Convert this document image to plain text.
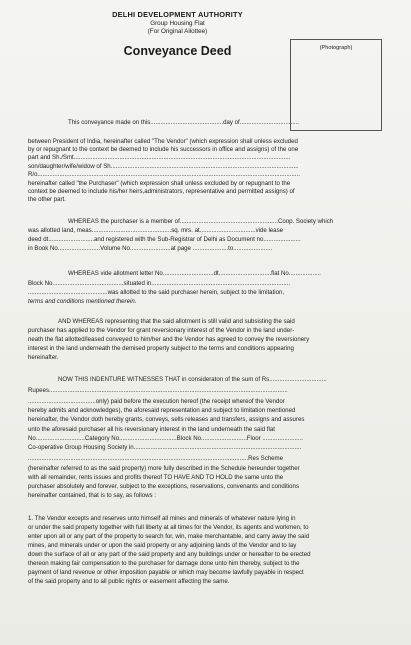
DELHI DEVELOPMENT AUTHORITY
Group Housing Flat
(For Original Allottee)
Conveyance Deed	(Photograph)
This conveyance made on this...........................................day of...................................
between President of India, hereinafter called "The Vendor" (which expression shall unless excluded
by or repugnant to the context be deemed to include his successors in office and assigns) of the one
part and Sh./Smt................................................................................................................................
son/daughter/wife/widow of Sh...............................................................................................................
R/o...........................................................................................................................................................
hereinafter called "the Purchaser" (which expression shall unless excluded by or repugnant to the
context be deemed to include his/her heirs,administrators, representative and permitted assigns) of
the other part.
WHEREAS the purchaser is a member of..........................................................Coop. Society which
was allotted land, meas...............................................sq. mrs. at.................................vide lease
deed dt...........................and registered with the Sub-Registrar of Delhi as Document no......................
in Book No.........................Volume No........................at page .....................to.......................
WHEREAS vide allotment letter No..............................dt...............................flat No...................
Block No..........................................situated in..................................................................................
...............................................was allotted to the said purchaser herein, subject to the limitation,
terms and conditions mentioned therein.
AND WHEREAS representing that the said allotment is still valid and subsisting the said
purchaser has applied to the Vendor for grant reversionary interest of the Vendor in the land under-
neath the flat allotted/leased conveyed to him/her and the Vendor has agreed to convey the reversionery
interest in the land underneath the demised property subject to the terms and conditions appearing
hereinafter.
NOW THIS INDENTURE WITNESSES THAT in consideraton of the sum of Rs..................................
Rupees.............................................................................................................................................
........................................only) paid before the execution hereof (the receipt whereof the Vendor
hereby admits and acknowledges), the aforesaid representation and subject to limitation mentioned
hereinafter, the Vendor doth hereby grants, conveys, sells releases and transfers, assigns and assures
unto the aforesaid purchaser all his reversionary interest in the land underneath the said flat
No.............................Category No..................................Block No...........................Floor ........................
Co-operative Group Housing Society in...................................................................................................
..................................................................................................................................Res Scheme
(hereinafter referred to as the said property) more fully described in the Schedule hereunder together
with all remainder, rents issues and profits thereof TO HAVE AND TO HOLD the same unto the
purchaser absolutely and forever, subject to the exceptions, reservations, convenants and conditions
hereinafter contained, that is to say, as follows :
1. The Vendor excepts and reserves unto himself all mines and minerals of whatever nature lying in
or under the said property together with full liberty at all times for the Vendor, its agents and workmen, to
enter upon all or any part of the property to search for, win, make merchantable, and carry away the said
mines, and minerals under or upon the said property or any adjoining lands of the Vendor and to lay
down the surface of all or any part of the said property and any buildings under or hereafter to be erected
thereon making fair compensation to the purchaser for damage done unto him thereby, subject to the
payment of land revenue or other imposition payable or which may become lawfully payable in respect
of the said property and to all public rights or easement affecting the same.
